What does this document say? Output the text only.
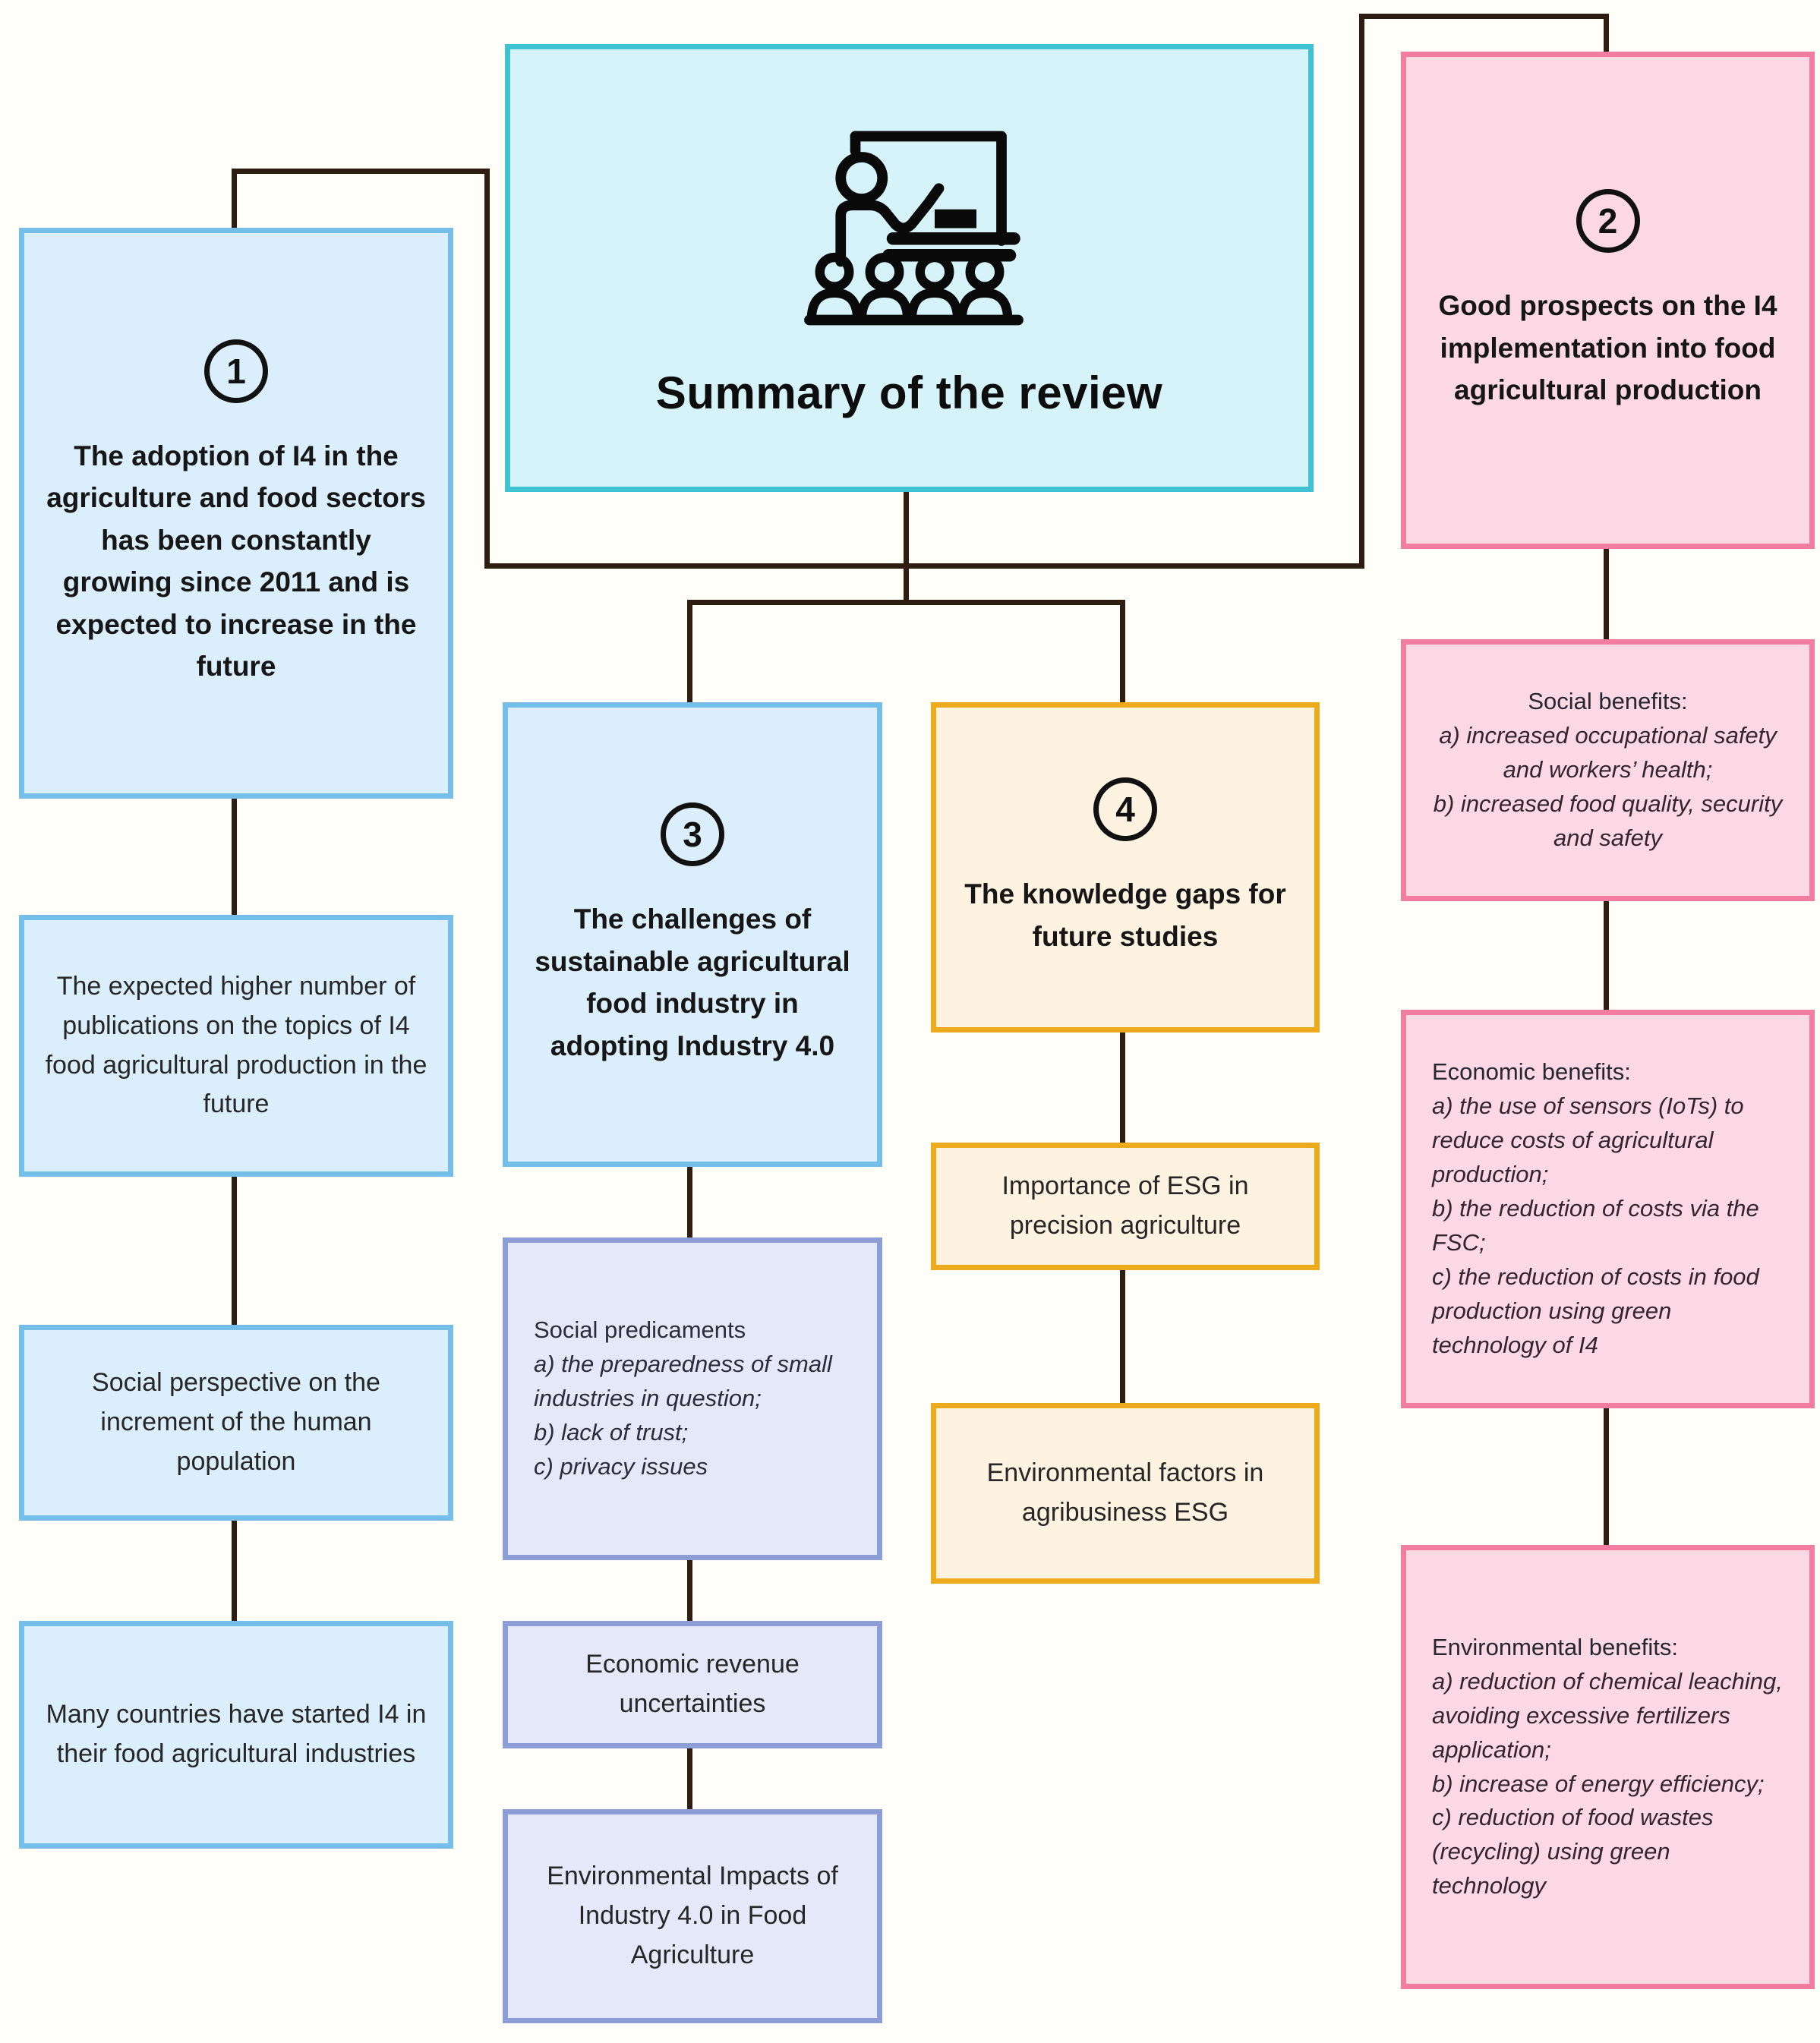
Summary of the review
1
The adoption of I4 in the agriculture and food sectors has been constantly growing since 2011 and is expected to increase in the future
The expected higher number of publications on the topics of I4 food agricultural production in the future
Social perspective on the increment of the human population
Many countries have started I4 in their food agricultural industries
3
The challenges of sustainable agricultural food industry in adopting Industry 4.0
Social predicaments
a) the preparedness of small industries in question;
b) lack of trust;
c) privacy issues
Economic revenue uncertainties
Environmental Impacts of Industry 4.0 in Food Agriculture
4
The knowledge gaps for future studies
Importance of ESG in precision agriculture
Environmental factors in agribusiness ESG
2
Good prospects on the I4 implementation into food agricultural production
Social benefits:
a) increased occupational safety and workers’ health;
b) increased food quality, security and safety
Economic benefits:
a) the use of sensors (IoTs) to reduce costs of agricultural production;
b) the reduction of costs via the FSC;
c) the reduction of costs in food production using green technology of I4
Environmental benefits:
a) reduction of chemical leaching, avoiding excessive fertilizers application;
b) increase of energy efficiency;
c) reduction of food wastes (recycling) using green technology
